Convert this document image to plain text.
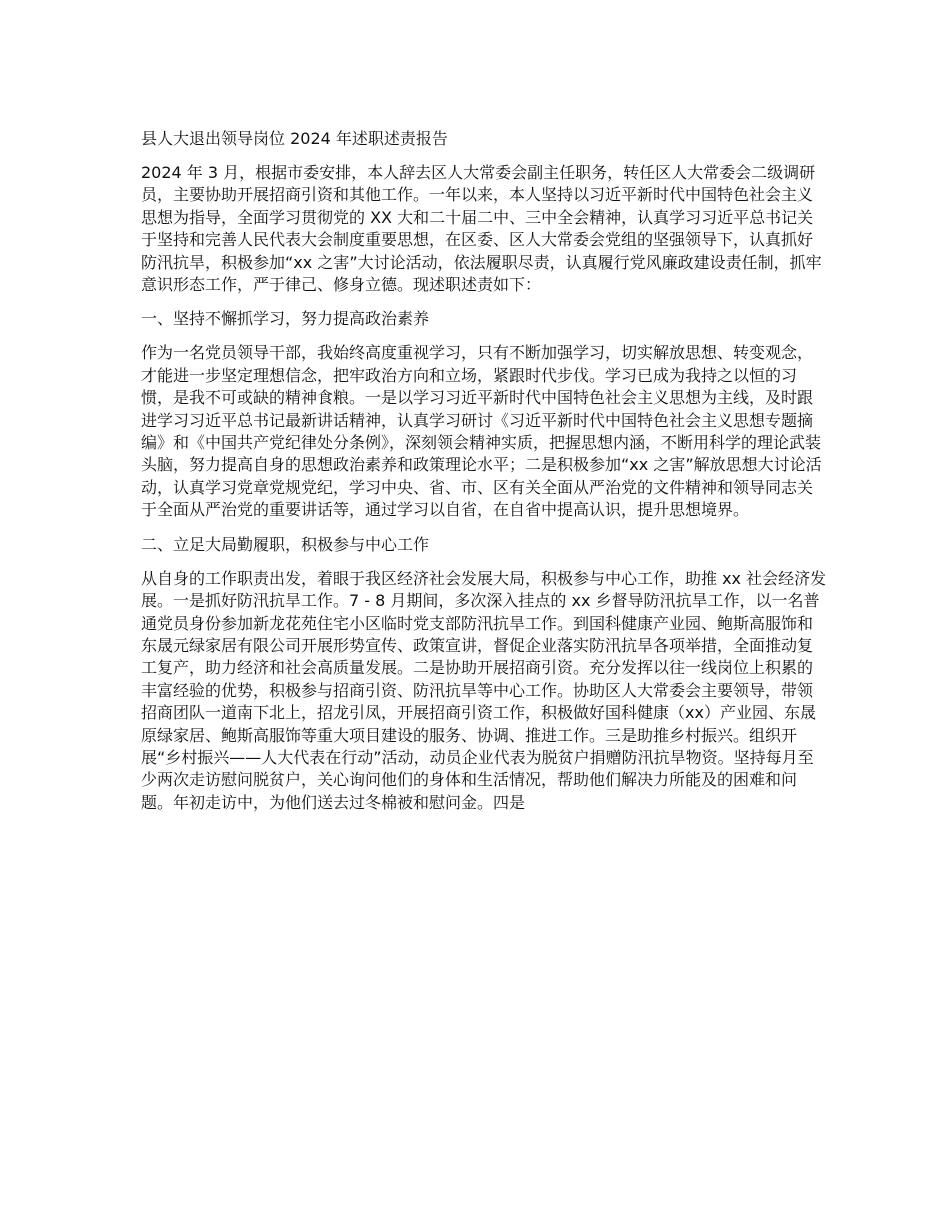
县人大退出领导岗位 2024 年述职述责报告
2024 年 3 月，根据市委安排，本人辞去区人大常委会副主任职务，转任区人大常委会二级调研员，主要协助开展招商引资和其他工作。一年以来，本人坚持以习近平新时代中国特色社会主义思想为指导，全面学习贯彻党的 XX 大和二十届二中、三中全会精神，认真学习习近平总书记关于坚持和完善人民代表大会制度重要思想，在区委、区人大常委会党组的坚强领导下，认真抓好防汛抗旱，积极参加“xx 之害”大讨论活动，依法履职尽责，认真履行党风廉政建设责任制，抓牢意识形态工作，严于律己、修身立德。现述职述责如下：
一、坚持不懈抓学习，努力提高政治素养
作为一名党员领导干部，我始终高度重视学习，只有不断加强学习，切实解放思想、转变观念，才能进一步坚定理想信念，把牢政治方向和立场，紧跟时代步伐。学习已成为我持之以恒的习惯，是我不可或缺的精神食粮。一是以学习习近平新时代中国特色社会主义思想为主线，及时跟进学习习近平总书记最新讲话精神，认真学习研讨《习近平新时代中国特色社会主义思想专题摘编》和《中国共产党纪律处分条例》，深刻领会精神实质，把握思想内涵，不断用科学的理论武装头脑，努力提高自身的思想政治素养和政策理论水平；二是积极参加“xx 之害”解放思想大讨论活动，认真学习党章党规党纪，学习中央、省、市、区有关全面从严治党的文件精神和领导同志关于全面从严治党的重要讲话等，通过学习以自省，在自省中提高认识，提升思想境界。
二、立足大局勤履职，积极参与中心工作
从自身的工作职责出发，着眼于我区经济社会发展大局，积极参与中心工作，助推 xx 社会经济发展。一是抓好防汛抗旱工作。7 - 8 月期间，多次深入挂点的 xx 乡督导防汛抗旱工作，以一名普通党员身份参加新龙花苑住宅小区临时党支部防汛抗旱工作。到国科健康产业园、鲍斯高服饰和东晟元绿家居有限公司开展形势宣传、政策宣讲，督促企业落实防汛抗旱各项举措，全面推动复工复产，助力经济和社会高质量发展。二是协助开展招商引资。充分发挥以往一线岗位上积累的丰富经验的优势，积极参与招商引资、防汛抗旱等中心工作。协助区人大常委会主要领导，带领招商团队一道南下北上，招龙引凤，开展招商引资工作，积极做好国科健康（xx）产业园、东晟原绿家居、鲍斯高服饰等重大项目建设的服务、协调、推进工作。三是助推乡村振兴。组织开展“乡村振兴——人大代表在行动”活动，动员企业代表为脱贫户捐赠防汛抗旱物资。坚持每月至少两次走访慰问脱贫户，关心询问他们的身体和生活情况，帮助他们解决力所能及的困难和问题。年初走访中，为他们送去过冬棉被和慰问金。四是
